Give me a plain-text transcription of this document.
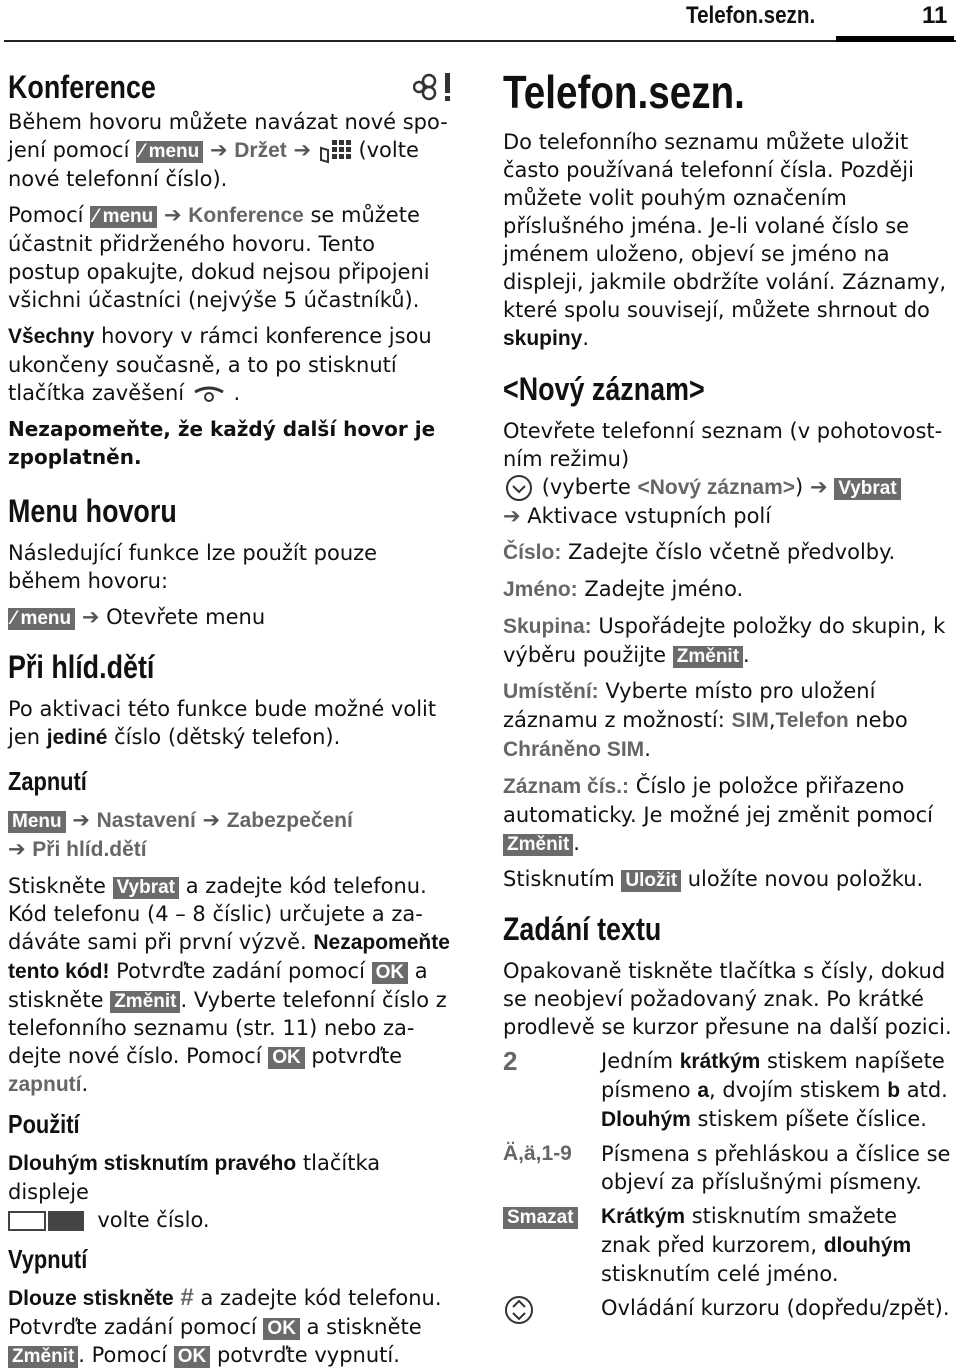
Telefon.sezn.	11
Konference

Během hovoru můžete navázat nové spo-jení pomocí ⁄ menu ➔ Držet ➔ (volte nové telefonní číslo).

Pomocí ⁄ menu ➔ Konference se můžete účastnit přidrženého hovoru. Tento postup opakujte, dokud nejsou připojeni všichni účastníci (nejvýše 5 účastníků).

Všechny hovory v rámci konference jsou ukončeny současně, a to po stisknutí tlačítka zavěšení .

Nezapomeňte, že každý další hovor je zpoplatněn.

Menu hovoru

Následující funkce lze použít pouze během hovoru:

⁄ menu ➔ Otevřete menu

Při hlíd.dětí

Po aktivaci této funkce bude možné volit jen jediné číslo (dětský telefon).

Zapnutí

Menu ➔ Nastavení ➔ Zabezpečení
➔ Při hlíd.dětí

Stiskněte Vybrat a zadejte kód telefonu. Kód telefonu (4 – 8 číslic) určujete a za-dáváte sami při první výzvě. Nezapomeňte tento kód! Potvrďte zadání pomocí OK a stiskněte Změnit . Vyberte telefonní číslo z telefonního seznamu (str. 11) nebo za-dejte nové číslo. Pomocí OK potvrďte zapnutí.

Použití

Dlouhým stisknutím pravého tlačítka displeje
volte číslo.

Vypnutí

Dlouze stiskněte # a zadejte kód telefonu. Potvrďte zadání pomocí OK a stiskněte
Změnit . Pomocí OK potvrďte vypnutí.

Telefon.sezn.

Do telefonního seznamu můžete uložit často používaná telefonní čísla. Později můžete volit pouhým označením příslušného jména. Je-li volané číslo se jménem uloženo, objeví se jméno na displeji, jakmile obdržíte volání. Záznamy, které spolu souvisejí, můžete shrnout do skupiny.

<Nový záznam>

Otevřete telefonní seznam (v pohotovost-ním režimu)

(vyberte <Nový záznam>) ➔ Vybrat
➔ Aktivace vstupních polí

Číslo: Zadejte číslo včetně předvolby.

Jméno: Zadejte jméno.

Skupina: Uspořádejte položky do skupin, k výběru použijte Změnit .

Umístění: Vyberte místo pro uložení záznamu z možností: SIM,Telefon nebo Chráněno SIM.

Záznam čís.: Číslo je položce přiřazeno automaticky. Je možné jej změnit pomocí Změnit .

Stisknutím Uložit uložíte novou položku.

Zadání textu

Opakovaně tiskněte tlačítka s čísly, dokud se neobjeví požadovaný znak. Po krátké prodlevě se kurzor přesune na další pozici.

2	Jedním krátkým stiskem napíšete písmeno a, dvojím stiskem b atd.
Dlouhým stiskem píšete číslice.

Ä,ä,1-9	Písmena s přehláskou a číslice se objeví za příslušnými písmeny.

Smazat	Krátkým stisknutím smažete znak před kurzorem, dlouhým
stisknutím celé jméno.

Ovládání kurzoru (dopředu/zpět).
